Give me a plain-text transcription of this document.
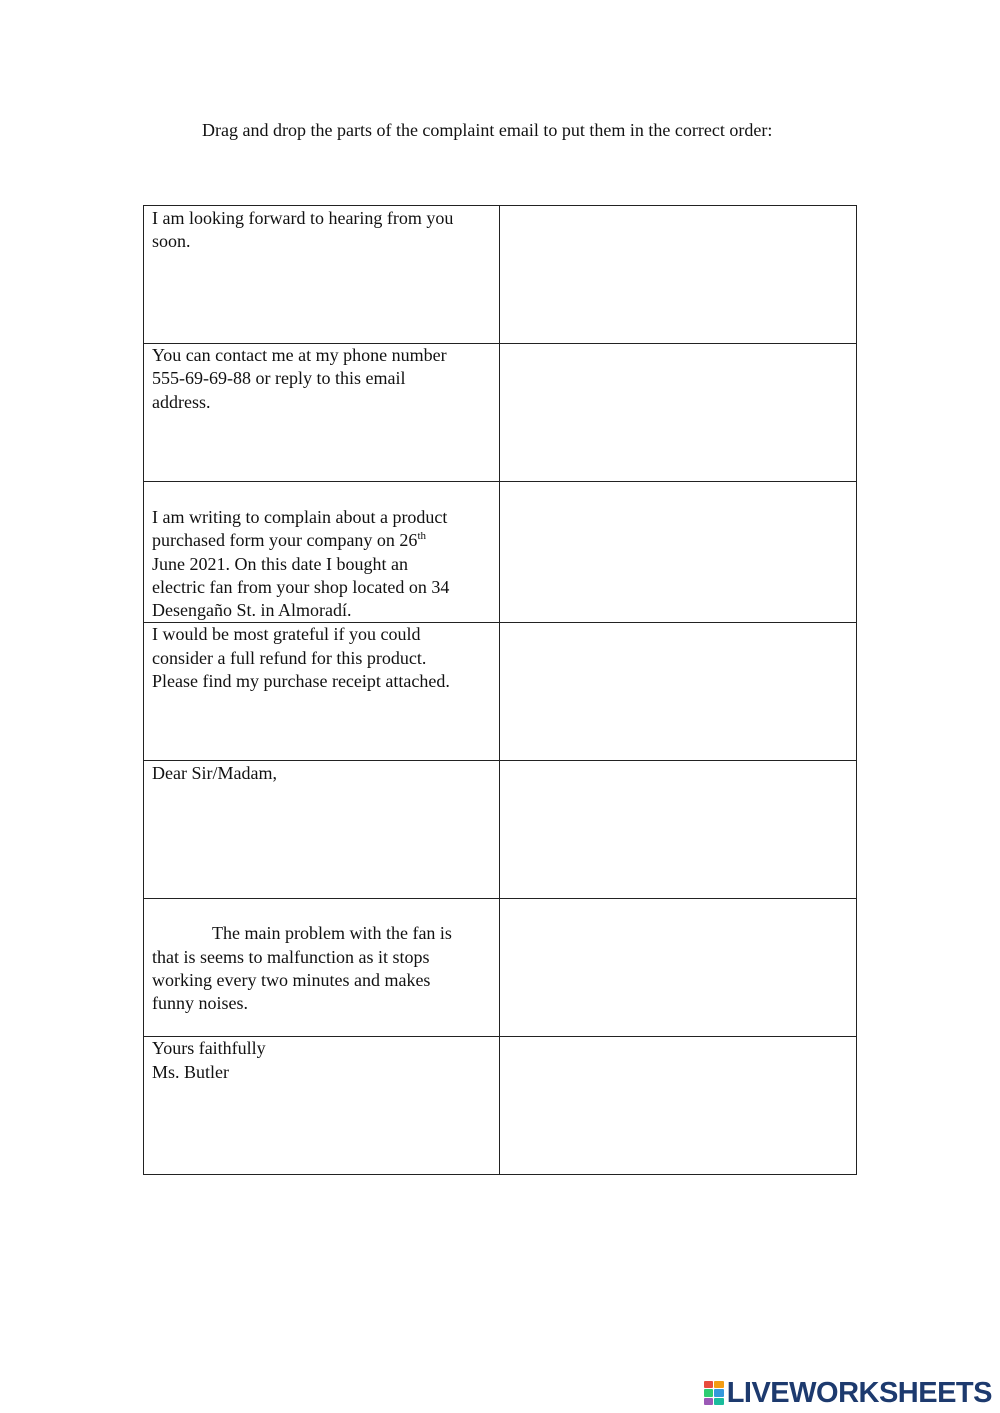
Drag and drop the parts of the complaint email to put them in the correct order:
I am looking forward to hearing from you
soon.	

You can contact me at my phone number
555-69-69-88 or reply to this email
address.	

I am writing to complain about a product
purchased form your company on 26th
June 2021. On this date I bought an
electric fan from your shop located on 34
Desengaño St. in Almoradí.	

I would be most grateful if you could
consider a full refund for this product.
Please find my purchase receipt attached.	

Dear Sir/Madam,	

The main problem with the fan is
that is seems to malfunction as it stops
working every two minutes and makes
funny noises.	

Yours faithfully
Ms. Butler	

LIVEWORKSHEETS
